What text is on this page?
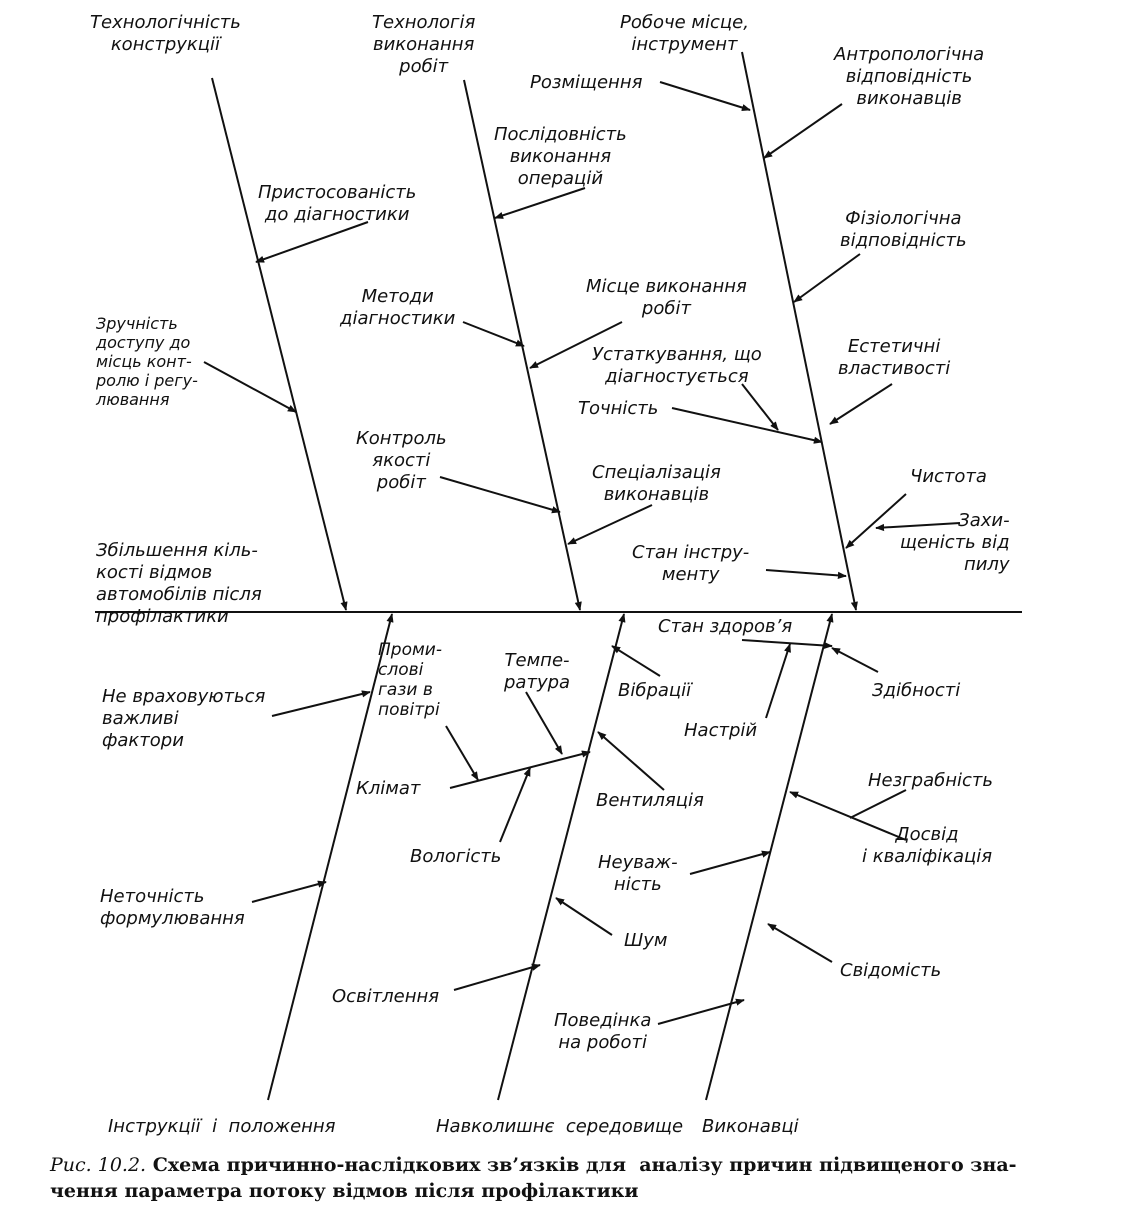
Збільшення кіль-
кості відмов
автомобілів після
профілактики
Технологічність
конструкції
Технологія
виконання
робіт
Робоче місце,
інструмент
Інструкції  і  положення	Навколишнє  середовище Виконавці
Пристосованість
до діагностики
Зручність
доступу до
місць конт-
ролю і регу-
лювання
Послідовність
виконання
операцій
Методи
діагностики
Місце виконання
робіт
Контроль
якості
робіт	Спеціалізація
виконавців
Розміщення
Антропологічна
відповідність
виконавців
Фізіологічна
відповідність
Естетичні
властивості
Устаткування, що
діагностується
Точність
Чистота
Захи-
щеність від
пилу
Стан інстру-
менту
Не враховуються
важливі
фактори
Неточність
формулювання
Проми-
слові
гази в
повітрі
Темпе-
ратура
Клімат
Вологість
Вібрації
Вентиляція
Шум
Освітлення
Стан здоров’я
Здібності
Настрій
Незграбність
Досвід
і кваліфікація
Неуваж-
ність
Свідомість
Поведінка
на роботі
Рис. 10.2. Схема причинно-наслідкових зв’язків для  аналізу причин підвищеного зна-
чення параметра потоку відмов після профілактики
